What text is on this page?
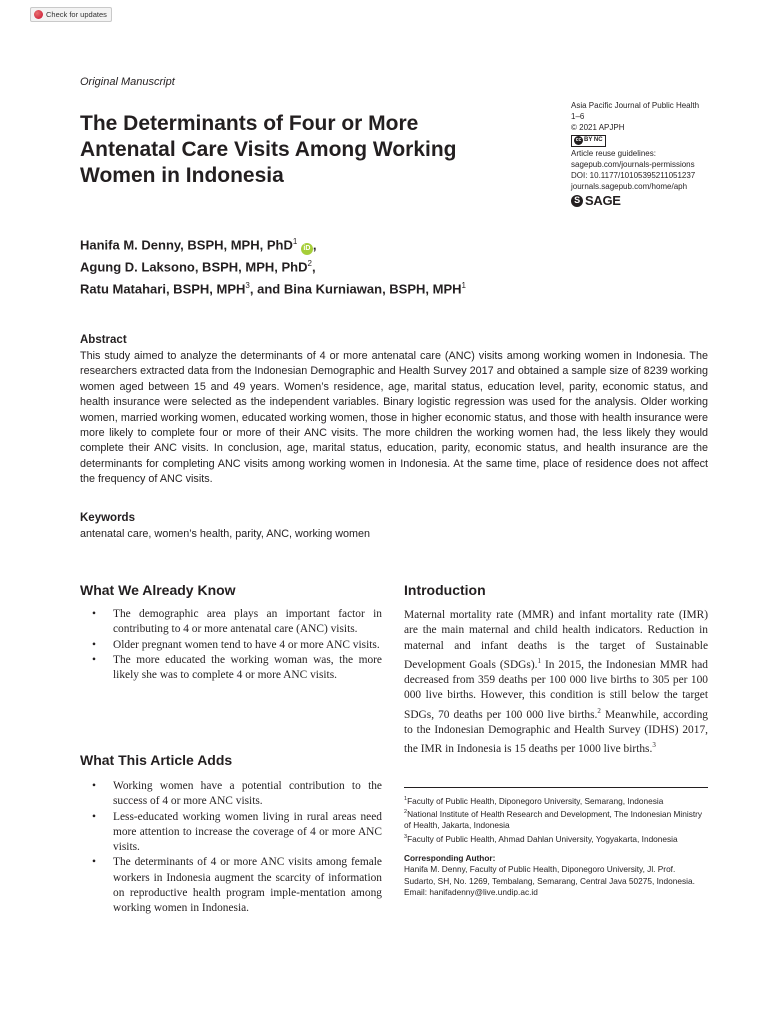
Check for updates
Original Manuscript
The Determinants of Four or More
Antenatal Care Visits Among Working
Women in Indonesia
Asia Pacific Journal of Public Health
1–6
© 2021 APJPH
cc BY NC
Article reuse guidelines:
sagepub.com/journals-permissions
DOI: 10.1177/10105395211051237
journals.sagepub.com/home/aph
S SAGE
Hanifa M. Denny, BSPH, MPH, PhD$^1$ iD ,
Agung D. Laksono, BSPH, MPH, PhD$^2$,
Ratu Matahari, BSPH, MPH$^3$, and Bina Kurniawan, BSPH, MPH$^1$
Abstract

This study aimed to analyze the determinants of 4 or more antenatal care (ANC) visits among working women in Indonesia. The researchers extracted data from the Indonesian Demographic and Health Survey 2017 and obtained a sample size of 8239 working women aged between 15 and 49 years. Women’s residence, age, marital status, education level, parity, economic status, and health insurance were selected as the independent variables. Binary logistic regression was used for the analysis. Older working women, married working women, educated working women, those in higher economic status, and those with health insurance were more likely to complete four or more of their ANC visits. The more children the working women had, the less likely they would complete their ANC visits. In conclusion, age, marital status, education, parity, economic status, and health insurance are the determinants for completing ANC visits among working women in Indonesia. At the same time, place of residence does not affect the frequency of ANC visits.

Keywords
antenatal care, women’s health, parity, ANC, working women
What We Already Know
• The demographic area plays an important factor in contributing to 4 or more antenatal care (ANC) visits.
• Older pregnant women tend to have 4 or more ANC visits.
• The more educated the working woman was, the more likely she was to complete 4 or more ANC visits.
What This Article Adds
• Working women have a potential contribution to the success of 4 or more ANC visits.
• Less-educated working women living in rural areas need more attention to increase the coverage of 4 or more ANC visits.
• The determinants of 4 or more ANC visits among female workers in Indonesia augment the scarcity of information on reproductive health program imple-mentation among working women in Indonesia.
Introduction

Maternal mortality rate (MMR) and infant mortality rate (IMR) are the main maternal and child health indicators. Reduction in maternal and infant deaths is the target of Sustainable Development Goals (SDGs).$^1$ In 2015, the Indonesian MMR had decreased from 359 deaths per 100 000 live births to 305 per 100 000 live births. However, this condition is still below the target SDGs, 70 deaths per 100 000 live births.$^2$ Meanwhile, according to the Indonesian Demographic and Health Survey (IDHS) 2017, the IMR in Indonesia is 15 deaths per 1000 live births.$^3$

$^1$Faculty of Public Health, Diponegoro University, Semarang, Indonesia

$^2$National Institute of Health Research and Development, The Indonesian Ministry of Health, Jakarta, Indonesia

$^3$Faculty of Public Health, Ahmad Dahlan University, Yogyakarta, Indonesia

Corresponding Author:
Hanifa M. Denny, Faculty of Public Health, Diponegoro University, Jl. Prof. Sudarto, SH, No. 1269, Tembalang, Semarang, Central Java 50275, Indonesia.
Email: hanifadenny@live.undip.ac.id
